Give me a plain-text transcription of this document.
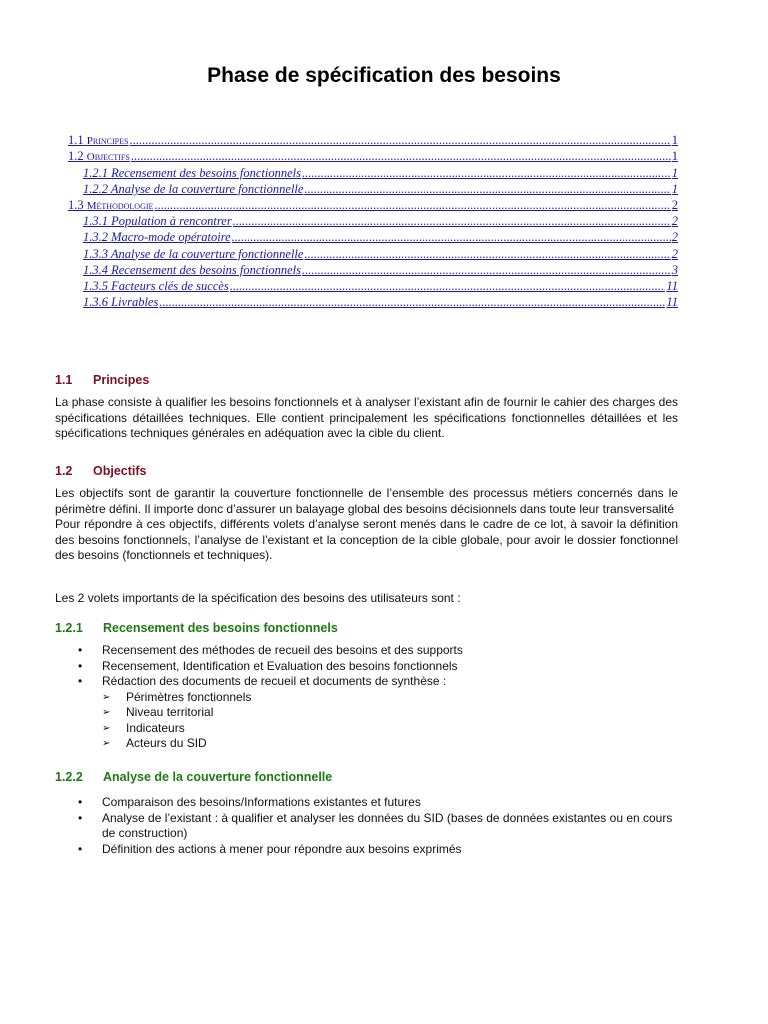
Phase de spécification des besoins
1.1 Principes .....	1
1.2 Objectifs .....	1
1.2.1 Recensement des besoins fonctionnels .....	1
1.2.2 Analyse de la couverture fonctionnelle .....	1
1.3 Méthodologie .....	2
1.3.1 Population à rencontrer .....	2
1.3.2 Macro-mode opératoire .....	2
1.3.3 Analyse de la couverture fonctionnelle .....	2
1.3.4 Recensement des besoins fonctionnels .....	3
1.3.5 Facteurs clés de succès .....	11
1.3.6 Livrables .....	11
1.1 Principes

La phase consiste à qualifier les besoins fonctionnels et à analyser l’existant afin de fournir le cahier des charges des spécifications détaillées techniques. Elle contient principalement les spécifications fonctionnelles détaillées et les spécifications techniques générales en adéquation avec la cible du client.

1.2 Objectifs

Les objectifs sont de garantir la couverture fonctionnelle de l’ensemble des processus métiers concernés dans le périmètre défini. Il importe donc d’assurer un balayage global des besoins décisionnels dans toute leur transversalité

Pour répondre à ces objectifs, différents volets d’analyse seront menés dans le cadre de ce lot, à savoir la définition des besoins fonctionnels, l’analyse de l’existant et la conception de la cible globale, pour avoir le dossier fonctionnel des besoins (fonctionnels et techniques).

Les 2 volets importants de la spécification des besoins des utilisateurs sont :

1.2.1 Recensement des besoins fonctionnels
• Recensement des méthodes de recueil des besoins et des supports
• Recensement, Identification et Evaluation des besoins fonctionnels
• Rédaction des documents de recueil et documents de synthèse :
➢ Périmètres fonctionnels
➢ Niveau territorial
➢ Indicateurs
➢ Acteurs du SID
1.2.2 Analyse de la couverture fonctionnelle
• Comparaison des besoins/Informations existantes et futures
• Analyse de l’existant : à qualifier et analyser les données du SID (bases de données existantes ou en cours de construction)
• Définition des actions à mener pour répondre aux besoins exprimés
